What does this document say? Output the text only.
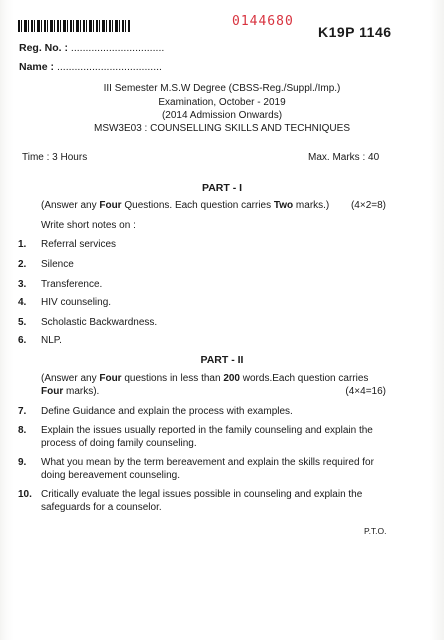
0144680
K19P 1146
Reg. No. : ................................
Name : ....................................
III Semester M.S.W Degree (CBSS-Reg./Suppl./Imp.)
Examination, October - 2019
(2014 Admission Onwards)
MSW3E03 : COUNSELLING SKILLS AND TECHNIQUES
Time : 3 Hours	Max. Marks : 40
PART - I
(Answer any Four Questions. Each question carries Two marks.) (4×2=8)
Write short notes on :
1. Referral services
2. Silence
3. Transference.
4. HIV counseling.
5. Scholastic Backwardness.
6. NLP.
PART - II
(Answer any Four questions in less than 200 words.Each question carries
Four marks).	(4×4=16)
7. Define Guidance and explain the process with examples.
8. Explain the issues usually reported in the family counseling and explain the process of doing family counseling.
9. What you mean by the term bereavement and explain the skills required for doing bereavement counseling.
10. Critically evaluate the legal issues possible in counseling and explain the safeguards for a counselor.
P.T.O.
